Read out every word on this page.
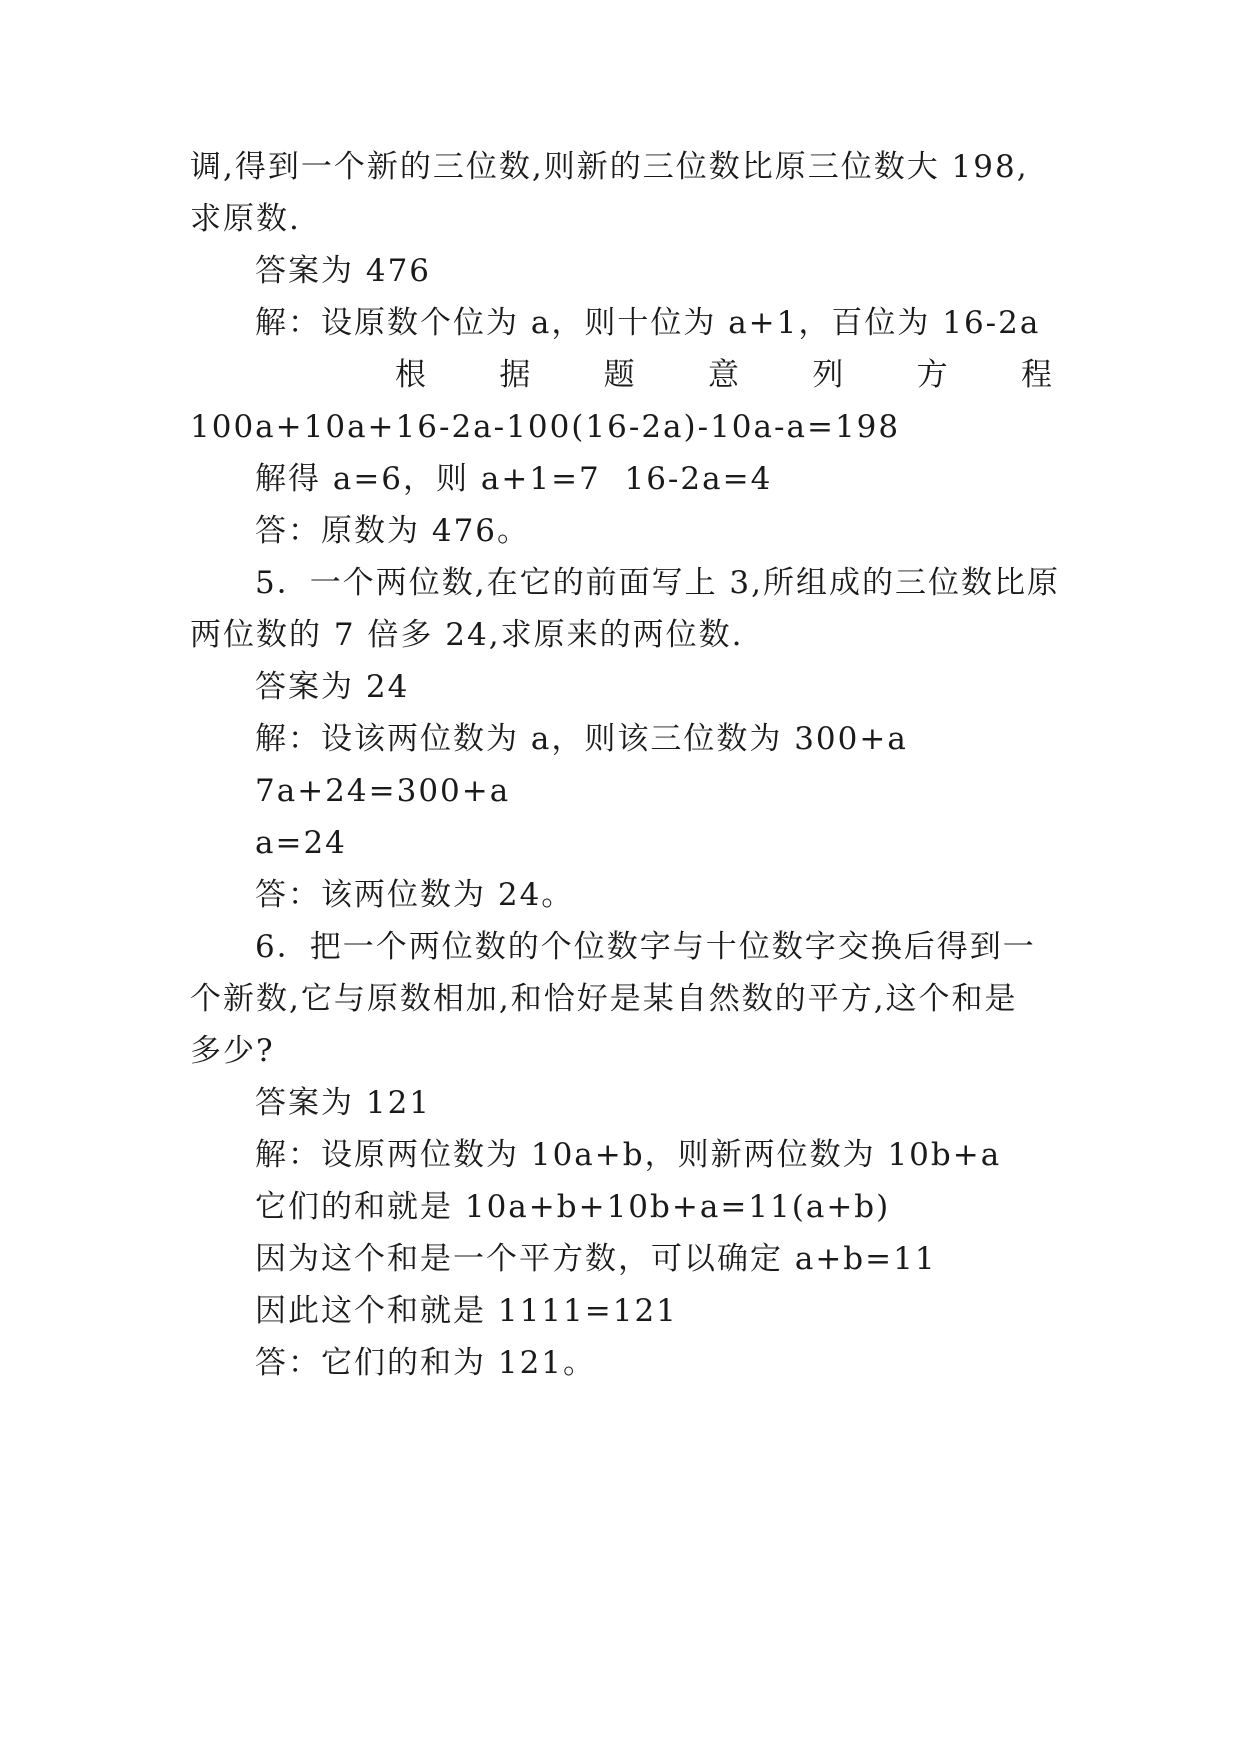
调,得到一个新的三位数,则新的三位数比原三位数大 198,

求原数.

答案为 476

解：设原数个位为 a，则十位为 a+1，百位为 16-2a

根 据 题 意 列 方 程

100a+10a+16-2a-100(16-2a)-10a-a=198

解得 a=6，则 a+1=7  16-2a=4

答：原数为 476。

5．一个两位数,在它的前面写上 3,所组成的三位数比原

两位数的 7 倍多 24,求原来的两位数.

答案为 24

解：设该两位数为 a，则该三位数为 300+a

7a+24=300+a

a=24

答：该两位数为 24。

6．把一个两位数的个位数字与十位数字交换后得到一

个新数,它与原数相加,和恰好是某自然数的平方,这个和是

多少?

答案为 121

解：设原两位数为 10a+b，则新两位数为 10b+a

它们的和就是 10a+b+10b+a=11(a+b)

因为这个和是一个平方数，可以确定 a+b=11

因此这个和就是 1111=121

答：它们的和为 121。
